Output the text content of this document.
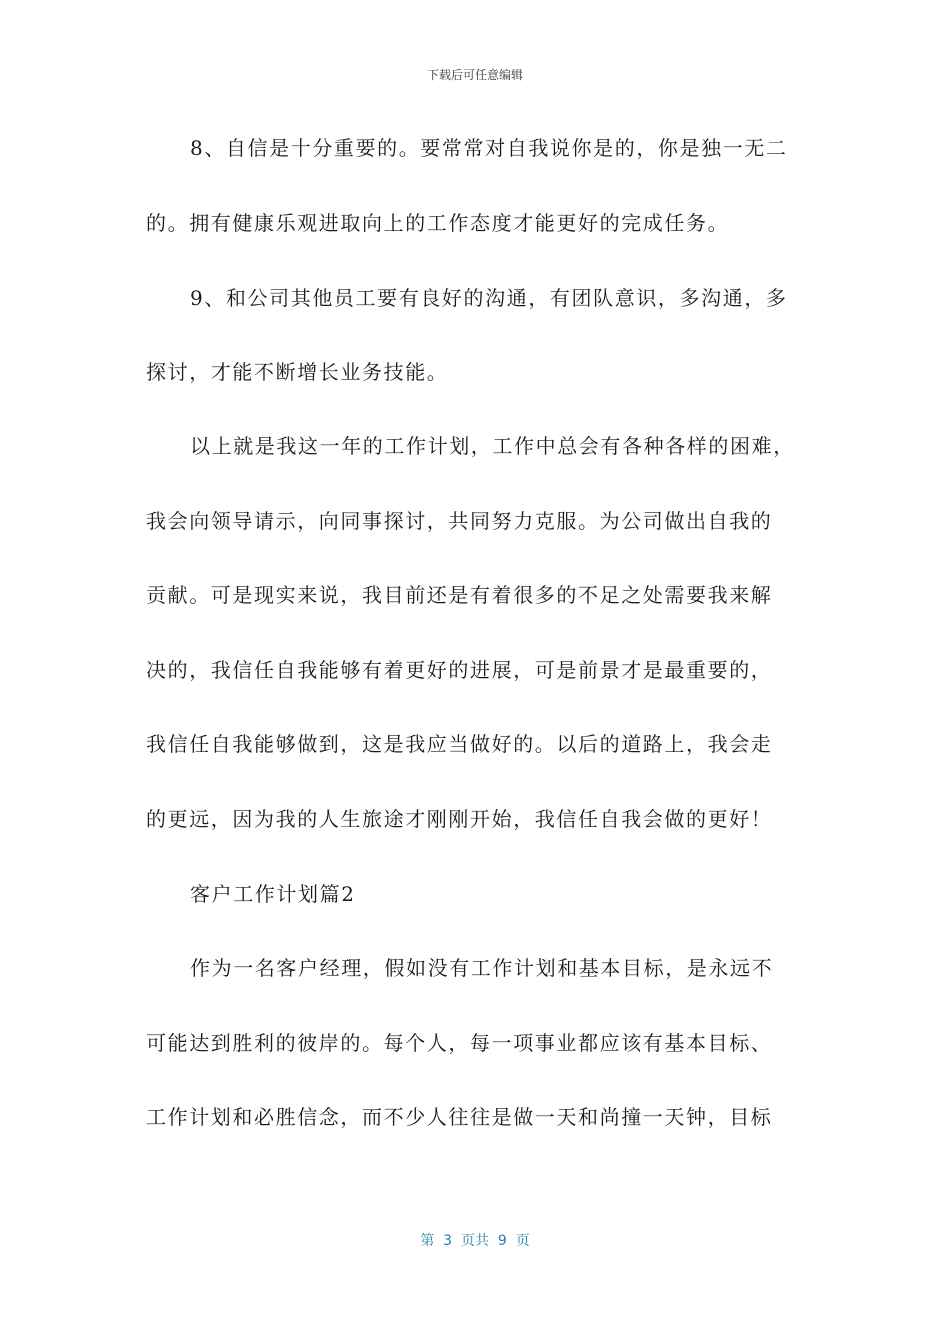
下载后可任意编辑
8、自信是十分重要的。要常常对自我说你是的，你是独一无二
的。拥有健康乐观进取向上的工作态度才能更好的完成任务。
9、和公司其他员工要有良好的沟通，有团队意识，多沟通，多
探讨，才能不断增长业务技能。
以上就是我这一年的工作计划，工作中总会有各种各样的困难，
我会向领导请示，向同事探讨，共同努力克服。为公司做出自我的
贡献。可是现实来说，我目前还是有着很多的不足之处需要我来解
决的，我信任自我能够有着更好的进展，可是前景才是最重要的，
我信任自我能够做到，这是我应当做好的。以后的道路上，我会走
的更远，因为我的人生旅途才刚刚开始，我信任自我会做的更好！
客户工作计划篇2
作为一名客户经理，假如没有工作计划和基本目标，是永远不
可能达到胜利的彼岸的。每个人，每一项事业都应该有基本目标、
工作计划和必胜信念，而不少人往往是做一天和尚撞一天钟，目标
第  3  页共  9  页
